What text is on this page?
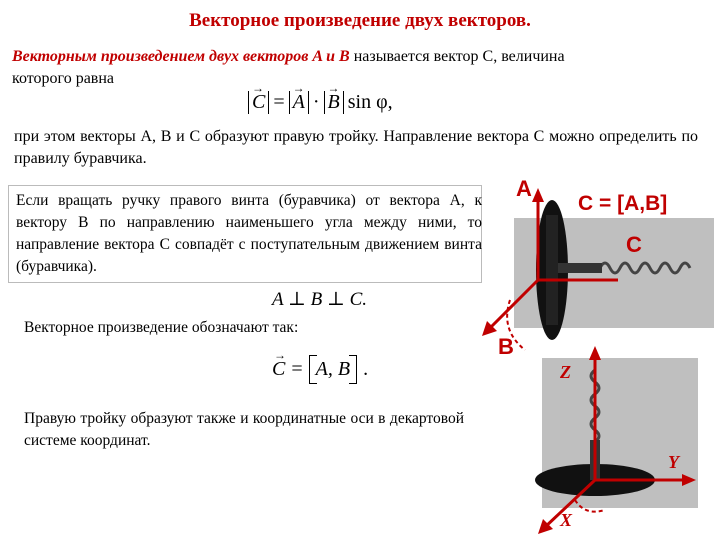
Векторное произведение двух векторов.
Векторным произведением двух векторов A и B называется вектор C, величина
которого равна
→
C =
→
A ·
→
B sin φ,
при этом векторы A, B и C образуют правую тройку. Направление вектора C можно определить по правилу буравчика.
Если вращать ручку правого винта (буравчика) от вектора A, к вектору B по направлению наименьшего угла между ними, то направление вектора C совпадёт с поступательным движением винта (буравчика).
A ⊥ B ⊥ C.
Векторное произведение обозначают так:
→
C = A, B .
Правую тройку образуют также и координатные оси в декартовой системе координат.
A
B
C
C = [A,B]
Z
Y
X
